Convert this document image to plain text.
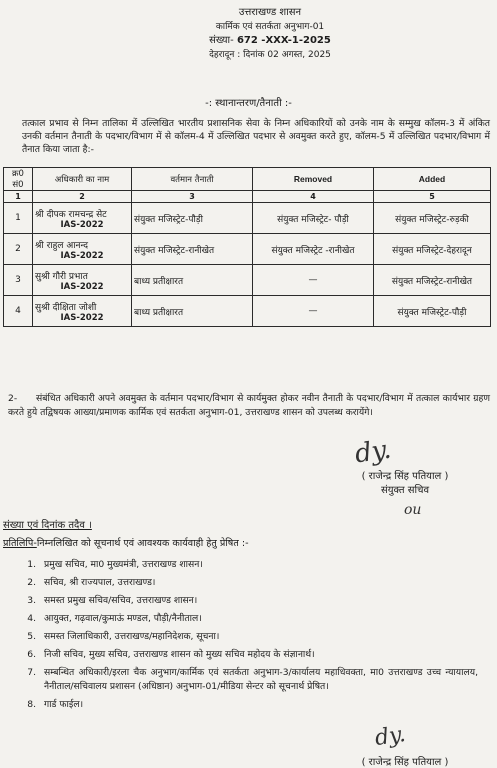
उत्तराखण्ड शासन
कार्मिक एवं सतर्कता अनुभाग-01
संख्या- 672 -XXX-1-2025
देहरादून : दिनांक 02 अगस्त, 2025
-: स्थानान्तरण/तैनाती :-
तत्काल प्रभाव से निम्न तालिका में उल्लिखित भारतीय प्रशासनिक सेवा के निम्न अधिकारियों को उनके नाम के सम्मुख कॉलम-3 में अंकित उनकी वर्तमान तैनाती के पदभार/विभाग में से कॉलम-4 में उल्लिखित पदभार से अवमुक्त करते हुए, कॉलम-5 में उल्लिखित पदभार/विभाग में तैनात किया जाता है:-
क्र0 सं0	अधिकारी का नाम	वर्तमान तैनाती	Removed	Added
1	2	3	4	5
1	श्री दीपक रामचन्द्र सेट
IAS-2022	संयुक्त मजिस्ट्रेट-पौड़ी	संयुक्त मजिस्ट्रेट- पौड़ी	संयुक्त मजिस्ट्रेट-रुड़की
2	श्री राहुल आनन्द
IAS-2022	संयुक्त मजिस्ट्रेट-रानीखेत	संयुक्त मजिस्ट्रेट -रानीखेत	संयुक्त मजिस्ट्रेट-देहरादून
3	सुश्री गौरी प्रभात
IAS-2022	बाध्य प्रतीक्षारत	—	संयुक्त मजिस्ट्रेट-रानीखेत
4	सुश्री दीक्षिता जोशी
IAS-2022	बाध्य प्रतीक्षारत	—	संयुक्त मजिस्ट्रेट-पौड़ी
2- संबंधित अधिकारी अपने अवमुक्त के वर्तमान पदभार/विभाग से कार्यमुक्त होकर नवीन तैनाती के पदभार/विभाग में तत्काल कार्यभार ग्रहण करते हुये तद्विषयक आख्या/प्रमाणक कार्मिक एवं सतर्कता अनुभाग-01, उत्तराखण्ड शासन को उपलब्ध करायेंगे।
dy.
( राजेन्द्र सिंह पतियाल )
संयुक्त सचिव
ou
संख्या एवं दिनांक तदैव ।
प्रतिलिपि-निम्नलिखित को सूचनार्थ एवं आवश्यक कार्यवाही हेतु प्रेषित :-
1. प्रमुख सचिव, मा0 मुख्यमंत्री, उत्तराखण्ड शासन।
2. सचिव, श्री राज्यपाल, उत्तराखण्ड।
3. समस्त प्रमुख सचिव/सचिव, उत्तराखण्ड शासन।
4. आयुक्त, गढ़वाल/कुमाऊं मण्डल, पौड़ी/नैनीताल।
5. समस्त जिलाधिकारी, उत्तराखण्ड/महानिदेशक, सूचना।
6. निजी सचिव, मुख्य सचिव, उत्तराखण्ड शासन को मुख्य सचिव महोदय के संज्ञानार्थ।
7. सम्बन्धित अधिकारी/इरला चैक अनुभाग/कार्मिक एवं सतर्कता अनुभाग-3/कार्यालय महाधिवक्ता, मा0 उत्तराखण्ड उच्च न्यायालय, नैनीताल/सचिवालय प्रशासन (अधिष्ठान) अनुभाग-01/मीडिया सेन्टर को सूचनार्थ प्रेषित।
8. गार्ड फाईल।
dy.
( राजेन्द्र सिंह पतियाल )
